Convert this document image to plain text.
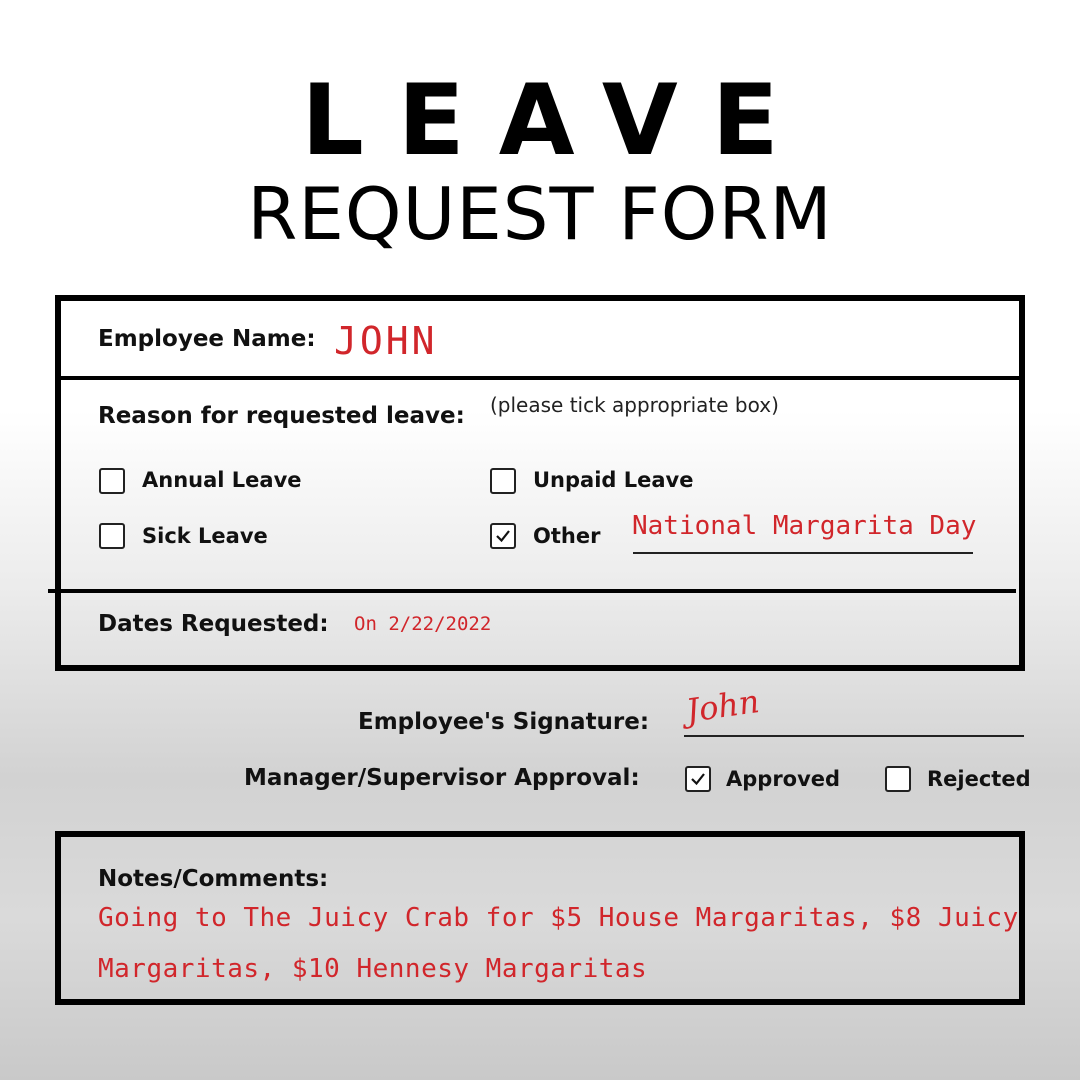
LEAVE
REQUEST FORM
Employee Name: JOHN
Reason for requested leave: (please tick appropriate box)
Annual Leave	Unpaid Leave
Sick Leave	Other National Margarita Day
Dates Requested: On 2/22/2022
Employee's Signature: John
Manager/Supervisor Approval:	Approved	Rejected
Notes/Comments:
Going to The Juicy Crab for $5 House Margaritas, $8 Juicy
Margaritas, $10 Hennesy Margaritas
